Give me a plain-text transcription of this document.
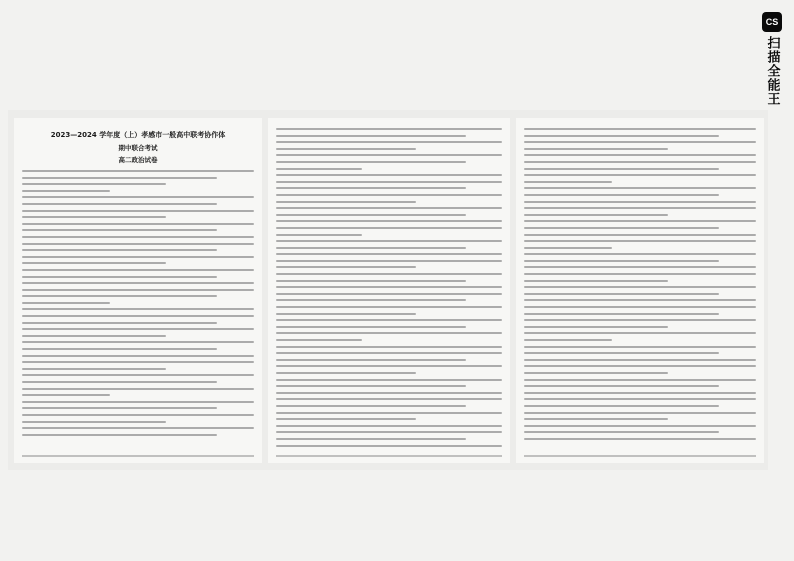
2023—2024 学年度（上）孝感市一般高中联考协作体
期中联合考试
高二政治试卷
CS
扫描全能王
